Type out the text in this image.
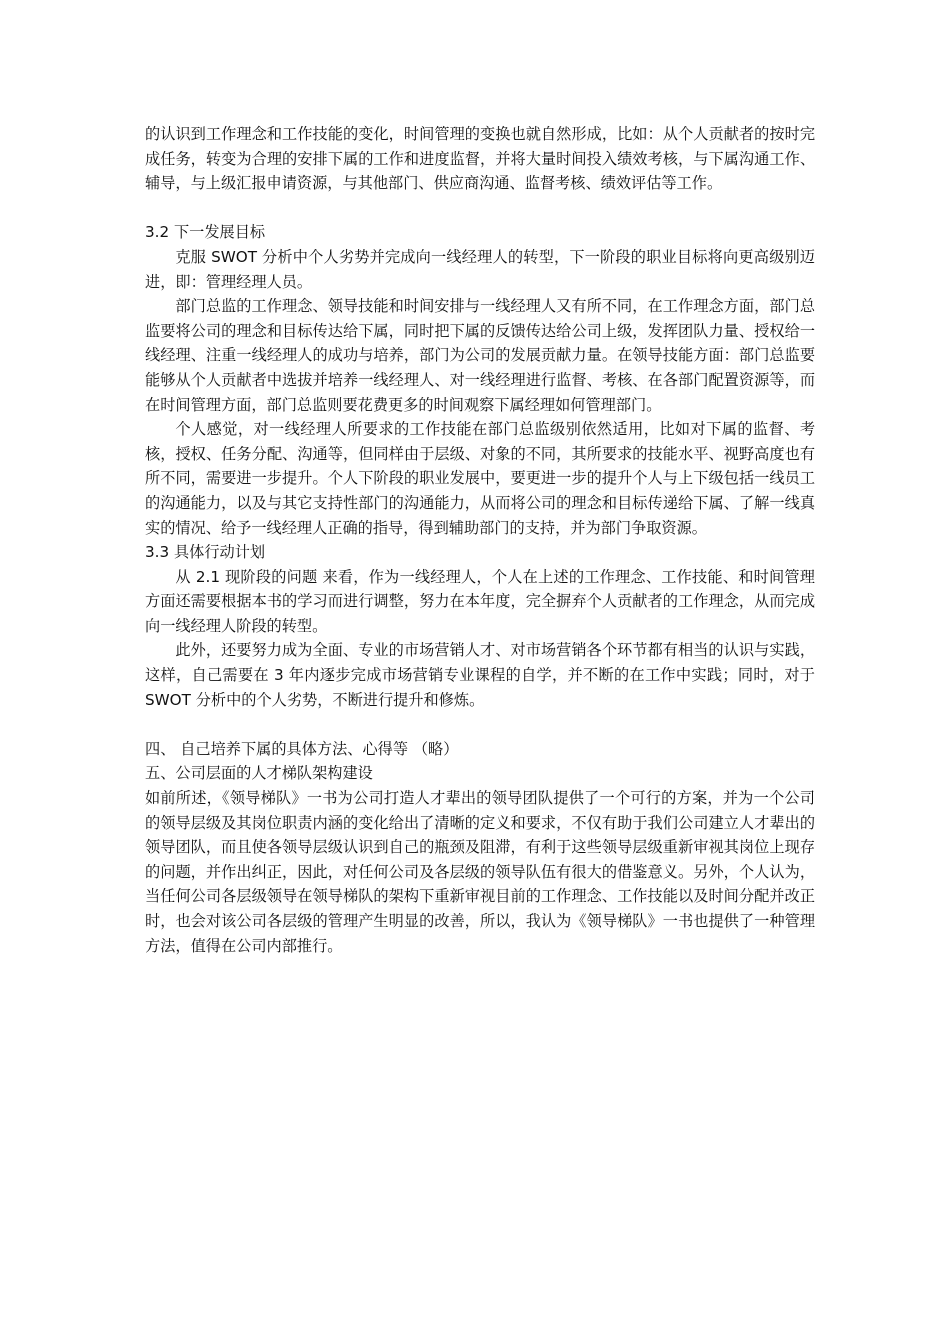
的认识到工作理念和工作技能的变化，时间管理的变换也就自然形成，比如：从个人贡献者的按时完成任务，转变为合理的安排下属的工作和进度监督，并将大量时间投入绩效考核，与下属沟通工作、辅导，与上级汇报申请资源，与其他部门、供应商沟通、监督考核、绩效评估等工作。

3.2 下一发展目标

克服 SWOT 分析中个人劣势并完成向一线经理人的转型，下一阶段的职业目标将向更高级别迈进，即：管理经理人员。

部门总监的工作理念、领导技能和时间安排与一线经理人又有所不同，在工作理念方面，部门总监要将公司的理念和目标传达给下属，同时把下属的反馈传达给公司上级，发挥团队力量、授权给一线经理、注重一线经理人的成功与培养，部门为公司的发展贡献力量。在领导技能方面：部门总监要能够从个人贡献者中选拔并培养一线经理人、对一线经理进行监督、考核、在各部门配置资源等，而在时间管理方面，部门总监则要花费更多的时间观察下属经理如何管理部门。

个人感觉，对一线经理人所要求的工作技能在部门总监级别依然适用，比如对下属的监督、考核，授权、任务分配、沟通等，但同样由于层级、对象的不同，其所要求的技能水平、视野高度也有所不同，需要进一步提升。个人下阶段的职业发展中，要更进一步的提升个人与上下级包括一线员工的沟通能力，以及与其它支持性部门的沟通能力，从而将公司的理念和目标传递给下属、了解一线真实的情况、给予一线经理人正确的指导，得到辅助部门的支持，并为部门争取资源。

3.3 具体行动计划

从 2.1 现阶段的问题 来看，作为一线经理人，个人在上述的工作理念、工作技能、和时间管理方面还需要根据本书的学习而进行调整，努力在本年度，完全摒弃个人贡献者的工作理念，从而完成向一线经理人阶段的转型。

此外，还要努力成为全面、专业的市场营销人才、对市场营销各个环节都有相当的认识与实践，这样，自己需要在 3 年内逐步完成市场营销专业课程的自学，并不断的在工作中实践；同时，对于 SWOT 分析中的个人劣势，不断进行提升和修炼。

四、 自己培养下属的具体方法、心得等 （略）

五、公司层面的人才梯队架构建设

如前所述，《领导梯队》一书为公司打造人才辈出的领导团队提供了一个可行的方案，并为一个公司的领导层级及其岗位职责内涵的变化给出了清晰的定义和要求，不仅有助于我们公司建立人才辈出的领导团队，而且使各领导层级认识到自己的瓶颈及阻滞，有利于这些领导层级重新审视其岗位上现存的问题，并作出纠正，因此，对任何公司及各层级的领导队伍有很大的借鉴意义。另外，个人认为，当任何公司各层级领导在领导梯队的架构下重新审视目前的工作理念、工作技能以及时间分配并改正时，也会对该公司各层级的管理产生明显的改善，所以，我认为《领导梯队》一书也提供了一种管理方法，值得在公司内部推行。
